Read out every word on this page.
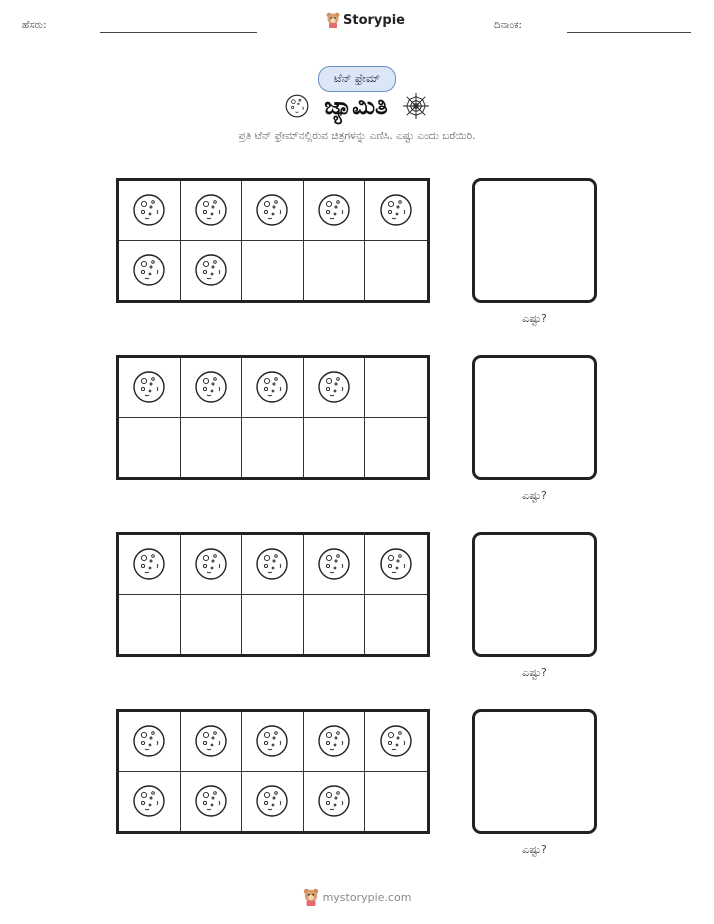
ಹೆಸರು:	Storypie	ದಿನಾಂಕ:
ಟೆನ್ ಫ್ರೇಮ್
ಜ್ಯಾಮಿತಿ
ಪ್ರತಿ ಟೆನ್ ಫ್ರೇಮ್‌ನಲ್ಲಿರುವ ಚಿತ್ರಗಳನ್ನು ಎಣಿಸಿ. ಎಷ್ಟು ಎಂದು ಬರೆಯಿರಿ.
ಎಷ್ಟು?
ಎಷ್ಟು?
ಎಷ್ಟು?
ಎಷ್ಟು?
mystorypie.com
